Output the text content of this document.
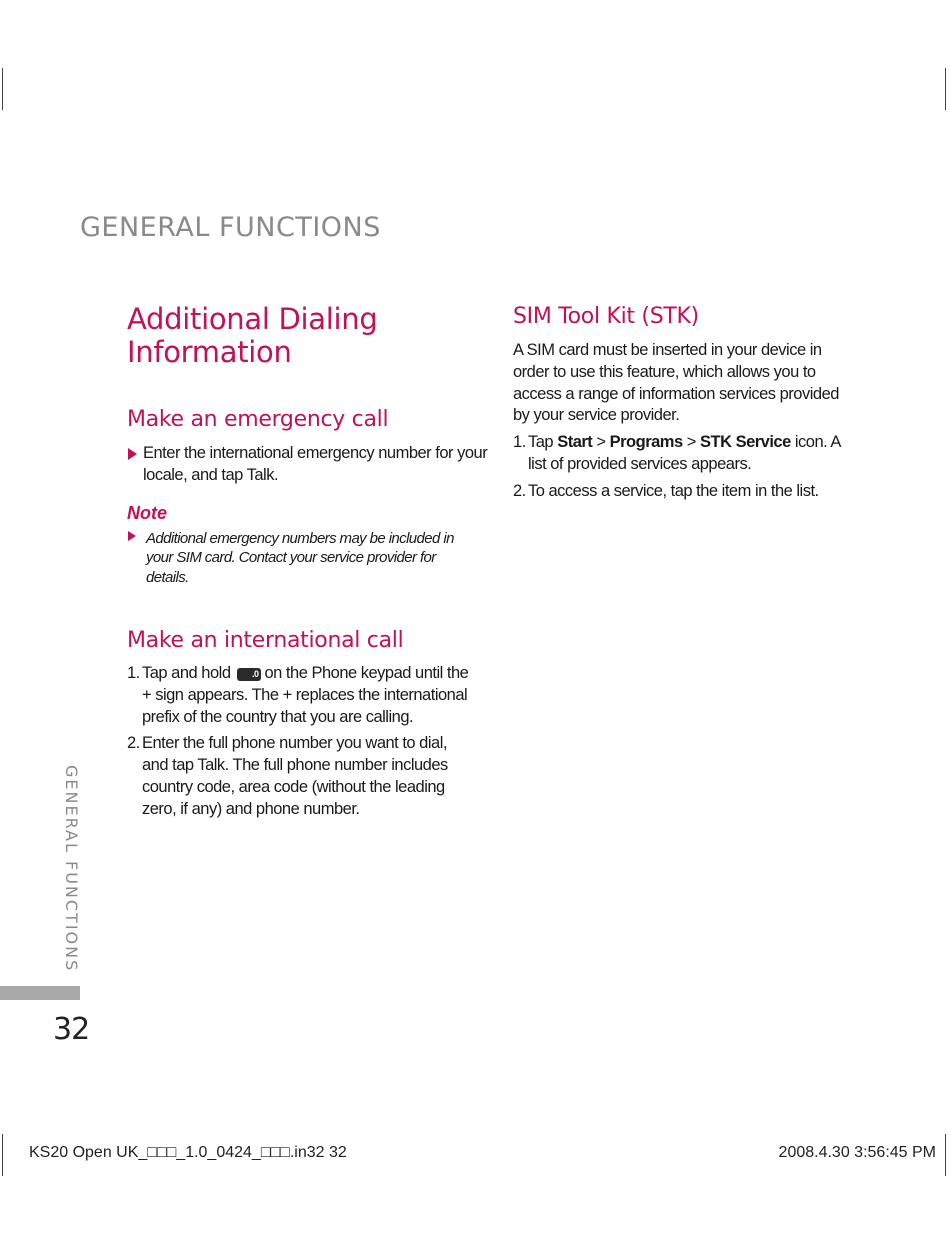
GENERAL FUNCTIONS
Additional Dialing
Information
Make an emergency call
Enter the international emergency number for your locale, and tap Talk.

Note

Additional emergency numbers may be included in your SIM card. Contact your service provider for details.
Make an international call
1. Tap and hold .0 on the Phone keypad until the + sign appears. The + replaces the international prefix of the country that you are calling.
2. Enter the full phone number you want to dial, and tap Talk. The full phone number includes country code, area code (without the leading zero, if any) and phone number.
SIM Tool Kit (STK)
A SIM card must be inserted in your device in order to use this feature, which allows you to access a range of information services provided by your service provider.
1. Tap Start > Programs > STK Service icon. A list of provided services appears.
2. To access a service, tap the item in the list.
GENERAL FUNCTIONS
32
KS20 Open UK_□□□_1.0_0424_□□□.in32 32	2008.4.30 3:56:45 PM
